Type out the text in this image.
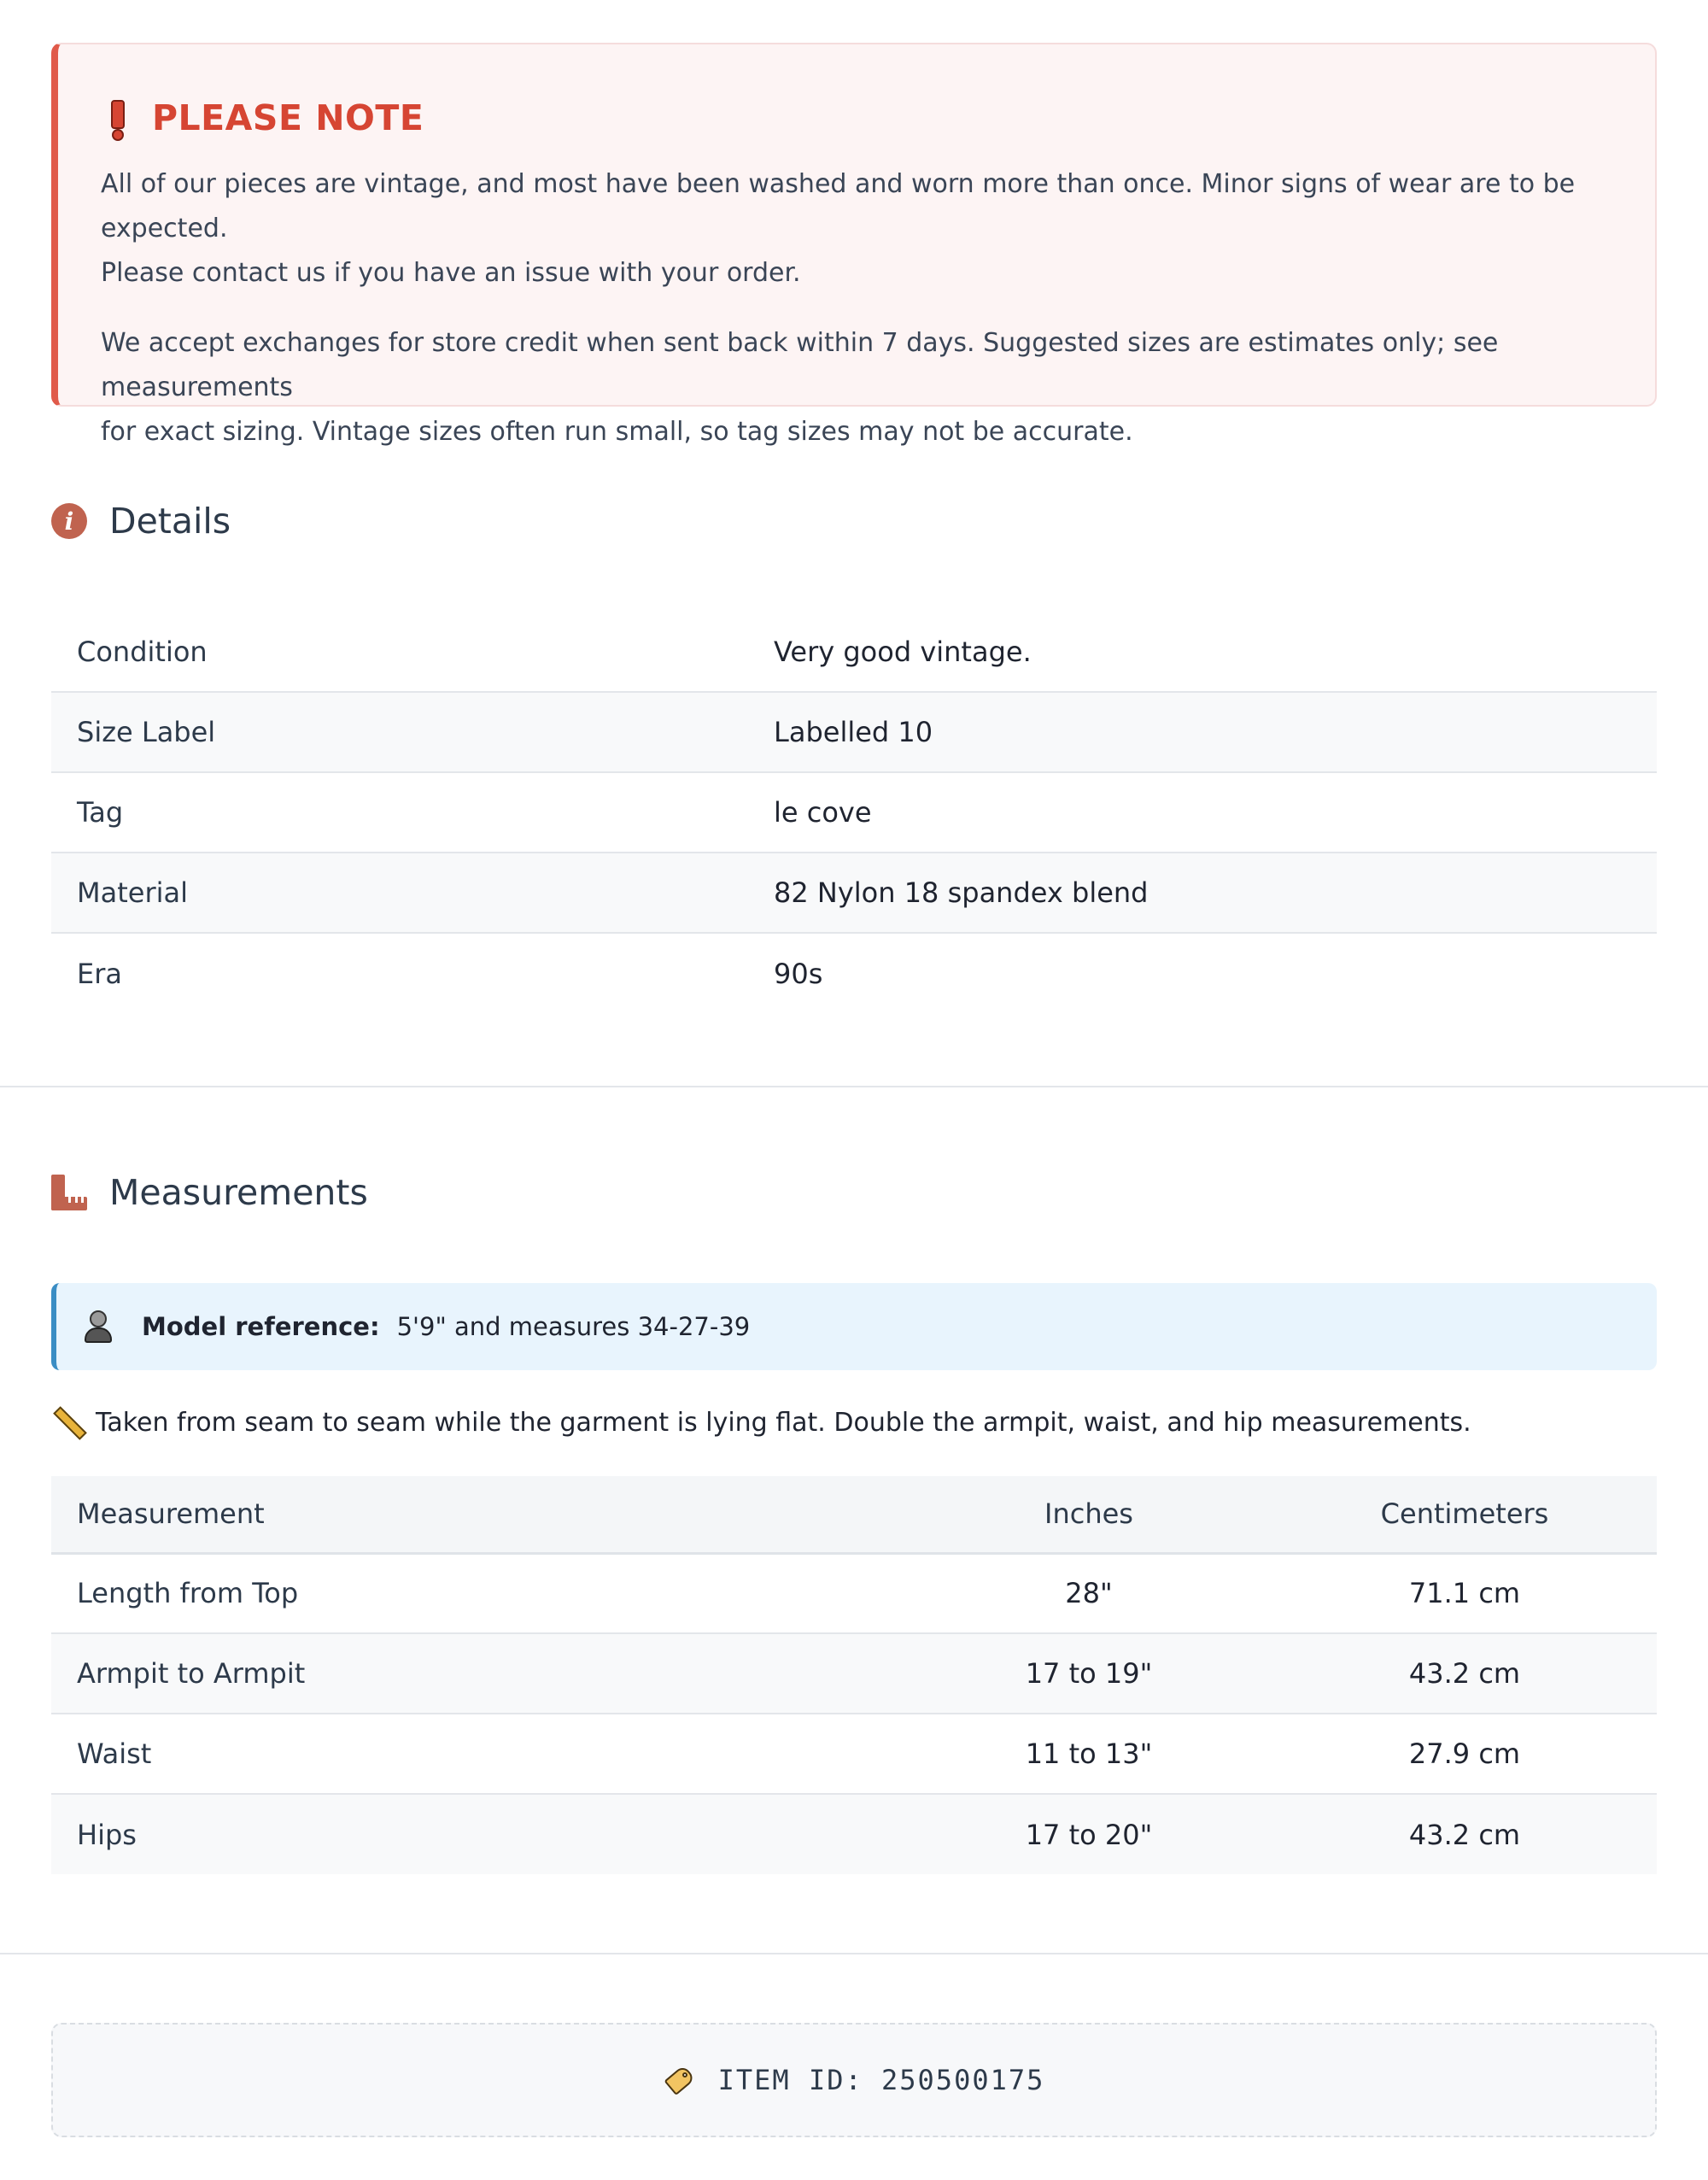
PLEASE NOTE

All of our pieces are vintage, and most have been washed and worn more than once. Minor signs of wear are to be expected.
Please contact us if you have an issue with your order.

We accept exchanges for store credit when sent back within 7 days. Suggested sizes are estimates only; see measurements
for exact sizing. Vintage sizes often run small, so tag sizes may not be accurate.

i	Details
Condition	Very good vintage.
Size Label	Labelled 10
Tag	le cove
Material	82 Nylon 18 spandex blend
Era	90s
Measurements
Model reference: 5'9" and measures 34-27-39
Taken from seam to seam while the garment is lying flat. Double the armpit, waist, and hip measurements.
Measurement	Inches	Centimeters
Length from Top	28"	71.1 cm
Armpit to Armpit	17 to 19"	43.2 cm
Waist	11 to 13"	27.9 cm
Hips	17 to 20"	43.2 cm
ITEM ID: 250500175
